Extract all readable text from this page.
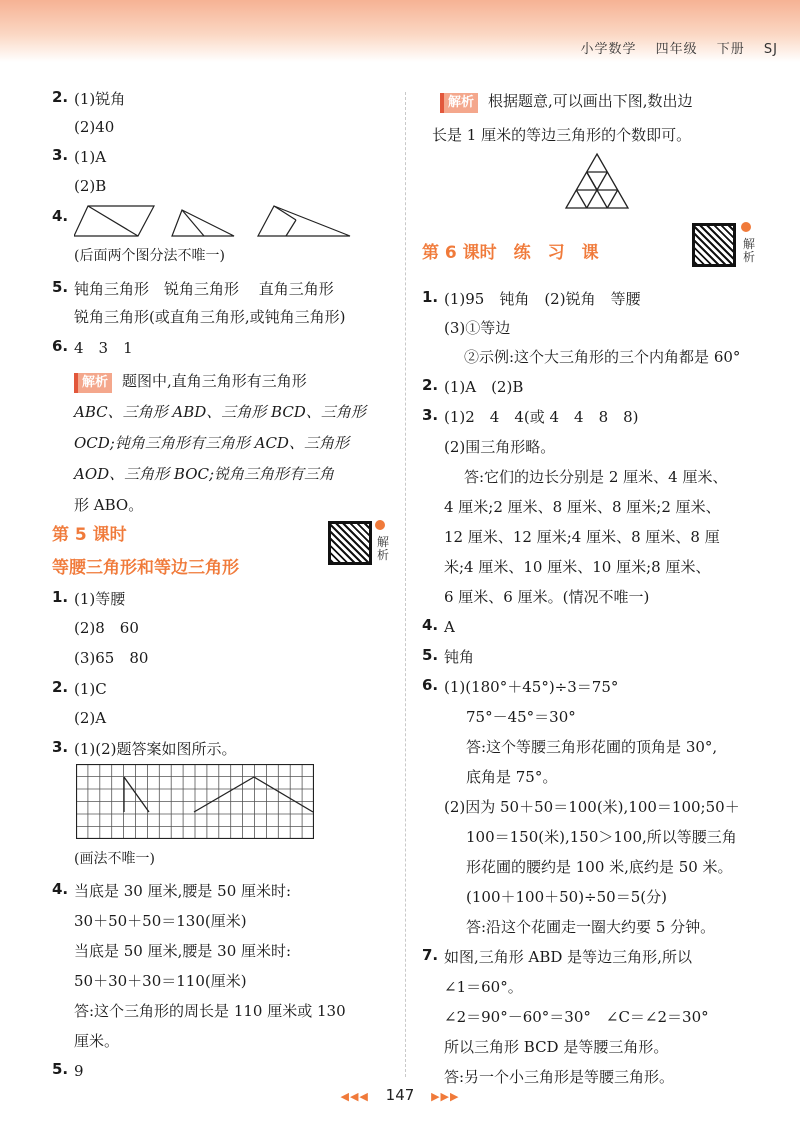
小学数学 四年级 下册 SJ
2. (1)锐角
(2)40
3. (1)A
(2)B
4.
(后面两个图分法不唯一)
5. 钝角三角形　锐角三角形　 直角三角形
锐角三角形(或直角三角形,或钝角三角形)
6. 4　3　1
解析 题图中,直角三角形有三角形
ABC、三角形 ABD、三角形 BCD、三角形
OCD;钝角三角形有三角形 ACD、三角形
AOD、三角形 BOC;锐角三角形有三角
形 ABO。
第 5 课时
等腰三角形和等边三角形
解析
1. (1)等腰
(2)8　60
(3)65　80
2. (1)C
(2)A
3. (1)(2)题答案如图所示。
(画法不唯一)
4. 当底是 30 厘米,腰是 50 厘米时:
30＋50＋50＝130(厘米)
当底是 50 厘米,腰是 30 厘米时:
50＋30＋30＝110(厘米)
答:这个三角形的周长是 110 厘米或 130
厘米。
5. 9
解析 根据题意,可以画出下图,数出边
长是 1 厘米的等边三角形的个数即可。
第 6 课时　练　习　课	解析
1. (1)95　钝角　(2)锐角　等腰
(3)①等边
②示例:这个大三角形的三个内角都是 60°
2. (1)A　(2)B
3. (1)2　4　4(或 4　4　8　8)
(2)围三角形略。
答:它们的边长分别是 2 厘米、4 厘米、
4 厘米;2 厘米、8 厘米、8 厘米;2 厘米、
12 厘米、12 厘米;4 厘米、8 厘米、8 厘
米;4 厘米、10 厘米、10 厘米;8 厘米、
6 厘米、6 厘米。(情况不唯一)
4. A
5. 钝角
6. (1)(180°＋45°)÷3＝75°
75°－45°＝30°
答:这个等腰三角形花圃的顶角是 30°,
底角是 75°。
(2)因为 50＋50＝100(米),100＝100;50＋
100＝150(米),150＞100,所以等腰三角
形花圃的腰约是 100 米,底约是 50 米。
(100＋100＋50)÷50＝5(分)
答:沿这个花圃走一圈大约要 5 分钟。
7. 如图,三角形 ABD 是等边三角形,所以
∠1＝60°。
∠2＝90°－60°＝30°　∠C＝∠2＝30°
所以三角形 BCD 是等腰三角形。
答:另一个小三角形是等腰三角形。
◀◀◀ 147 ▶▶▶
